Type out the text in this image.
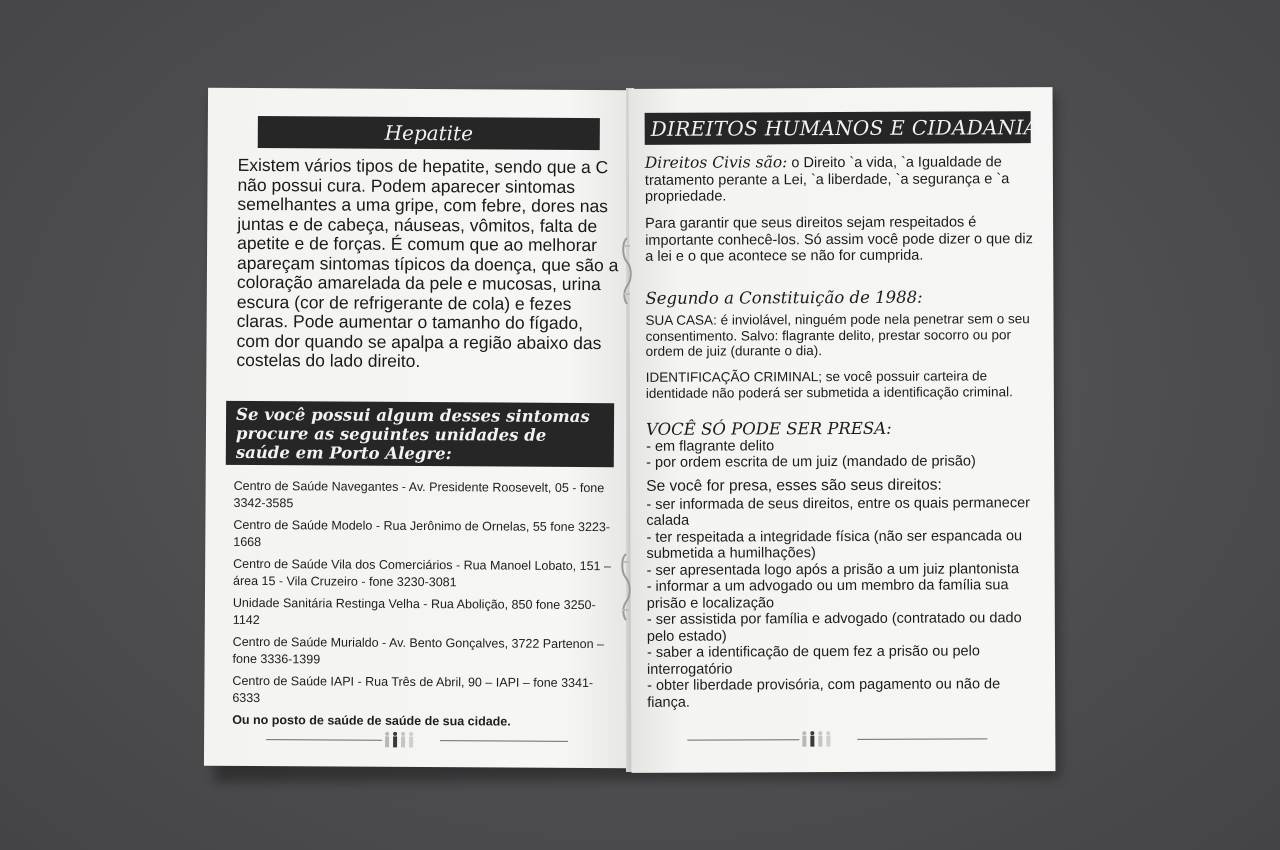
Hepatite
Existem vários tipos de hepatite, sendo que a C não possui cura. Podem aparecer sintomas semelhantes a uma gripe, com febre, dores nas juntas e de cabeça, náuseas, vômitos, falta de apetite e de forças. É comum que ao melhorar apareçam sintomas típicos da doença, que são a coloração amarelada da pele e mucosas, urina escura (cor de refrigerante de cola) e fezes claras. Pode aumentar o tamanho do fígado, com dor quando se apalpa a região abaixo das costelas do lado direito.
Se você possui algum desses sintomas procure as seguintes unidades de saúde em Porto Alegre:
Centro de Saúde Navegantes - Av. Presidente Roosevelt, 05 - fone 3342-3585
Centro de Saúde Modelo - Rua Jerônimo de Ornelas, 55 fone 3223-1668
Centro de Saúde Vila dos Comerciários - Rua Manoel Lobato, 151 – área 15 - Vila Cruzeiro - fone 3230-3081
Unidade Sanitária Restinga Velha - Rua Abolição, 850 fone 3250-1142
Centro de Saúde Murialdo - Av. Bento Gonçalves, 3722 Partenon – fone 3336-1399
Centro de Saúde IAPI - Rua Três de Abril, 90 – IAPI – fone 3341-6333
Ou no posto de saúde de saúde de sua cidade.
DIREITOS HUMANOS E CIDADANIA
Direitos Civis são: o Direito `a vida, `a Igualdade de tratamento perante a Lei, `a liberdade, `a segurança e `a propriedade.
Para garantir que seus direitos sejam respeitados é importante conhecê-los. Só assim você pode dizer o que diz a lei e o que acontece se não for cumprida.
Segundo a Constituição de 1988:
SUA CASA: é inviolável, ninguém pode nela penetrar sem o seu consentimento. Salvo: flagrante delito, prestar socorro ou por ordem de juiz (durante o dia).
IDENTIFICAÇÃO CRIMINAL; se você possuir carteira de identidade não poderá ser submetida a identificação criminal.
VOCÊ SÓ PODE SER PRESA:
- em flagrante delito
- por ordem escrita de um juiz (mandado de prisão)
Se você for presa, esses são seus direitos:
- ser informada de seus direitos, entre os quais permanecer calada
- ter respeitada a integridade física (não ser espancada ou submetida a humilhações)
- ser apresentada logo após a prisão a um juiz plantonista
- informar a um advogado ou um membro da família sua prisão e localização
- ser assistida por família e advogado (contratado ou dado pelo estado)
- saber a identificação de quem fez a prisão ou pelo interrogatório
- obter liberdade provisória, com pagamento ou não de fiança.
